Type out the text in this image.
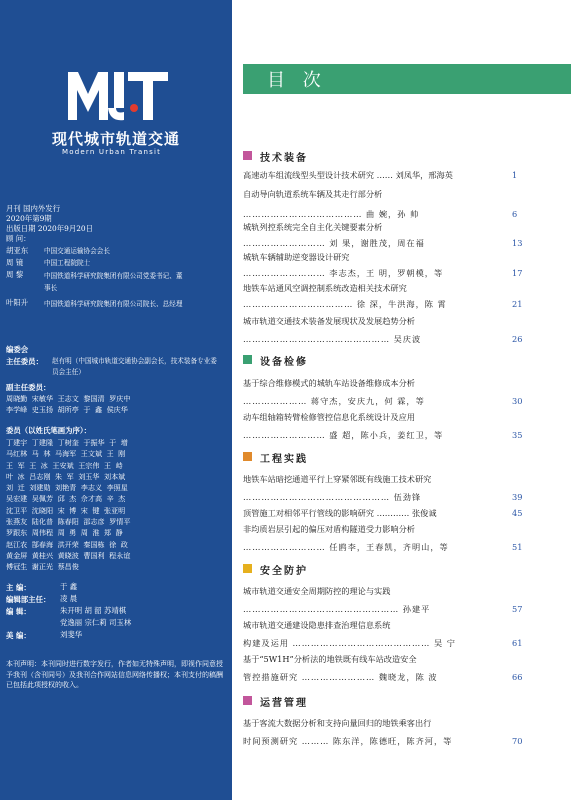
现代城市轨道交通
Modern Urban Transit
月刊 国内外发行
2020年第9期
出版日期 2020年9月20日
顾 问：
胡亚东 中国交通运输协会会长
周 镜	中国工程院院士
周 黎	中国铁道科学研究院集团有限公司党委书记、董事长
叶阳升 中国铁道科学研究院集团有限公司院长、总经理
编委会
主任委员： 赵有明（中国城市轨道交通协会副会长，技术装备专业委员会主任）
副主任委员：
周晓勤  宋敏华  王志文  黎国清  罗庆中
李学峰  史玉扬  胡所亭  于  鑫  侯庆华
委员（以姓氏笔画为序）：
丁建宇  丁建隆  丁树奎  于振华  于  增
马红林  马  林  马海军  王文斌  王  刚
王  军  王  冰  王安斌  王宗伟  王  峙
叶  冰  吕志刚  朱  军  刘玉华  刘本斌
刘  迁  刘建勋  刘艳青  李志义  李照星
吴宏建  吴佩芳  邱  杰  佘才高  辛  杰
沈卫平  沈晓阳  宋  博  宋  键  张亚明
张燕友  陆化普  陈春阳  邵志彦  罗情平
罗跟东  周伟程  周  勇  周  淮  郑  静
赵江农  郜春海  洪开荣  秦国栋  徐  政
黄金屏  黄桂兴  黄晓波  曹国利  程永谊
傅冠生  谢正光  蔡昌俊
主 编：	于 鑫
编辑部主任： 凌 晨
编 辑：	朱开明 胡 韶 苏靖棋
党逸丽 宗仁莉 司玉林
美 编：	刘斐华
本刊声明：本刊同时进行数字发行，作者如无特殊声明，即视作同意授予我刊（含刊同号）及我刊合作网站信息网络传播权；本刊支付的稿酬已包括此项授权的收入。
目 次
技术装备
高速动车组流线型头型设计技术研究 …… 刘凤华，邢海英	1
自动导向轨道系统车辆及其走行部分析
………………………………… 曲 婉，孙 帅	6
城轨列控系统完全自主化关键要素分析
……………………… 刘 果，谢胜茂，周在福	13
城轨车辆辅助逆变器设计研究
……………………… 李志杰，王 明，罗朝模，等	17
地铁车站通风空调控制系统改造相关技术研究
……………………………… 徐 深，牛洪海，陈 霄	21
城市轨道交通技术装备发展现状及发展趋势分析
………………………………………… 吴庆波	26
设备检修
基于综合维修模式的城轨车站设备维修成本分析
………………… 蒋守杰，安庆九，何 霖，等	30
动车组轴箱转臂检修管控信息化系统设计及应用
……………………… 盛 超，陈小兵，姜红卫，等	35
工程实践
地铁车站暗挖通道平行上穿紧邻既有线施工技术研究
………………………………………… 伍劲锋	39
顶管施工对相邻平行管线的影响研究 ………… 张俊诚	45
非均质岩层引起的偏压对盾构隧道受力影响分析
……………………… 任鸥李，王春凯，齐明山，等	51
安全防护
城市轨道交通安全周期防控的理论与实践
…………………………………………… 孙建平	57
城市轨道交通建设隐患排查治理信息系统
构建及运用 ……………………………………… 吴 宁	61
基于“5W1H”分析法的地铁既有线车站改造安全
管控措施研究 …………………… 魏晓龙，陈 波	66
运营管理
基于客流大数据分析和支持向量回归的地铁乘客出行
时间预测研究 ……… 陈东洋，陈德旺，陈齐河，等	70
